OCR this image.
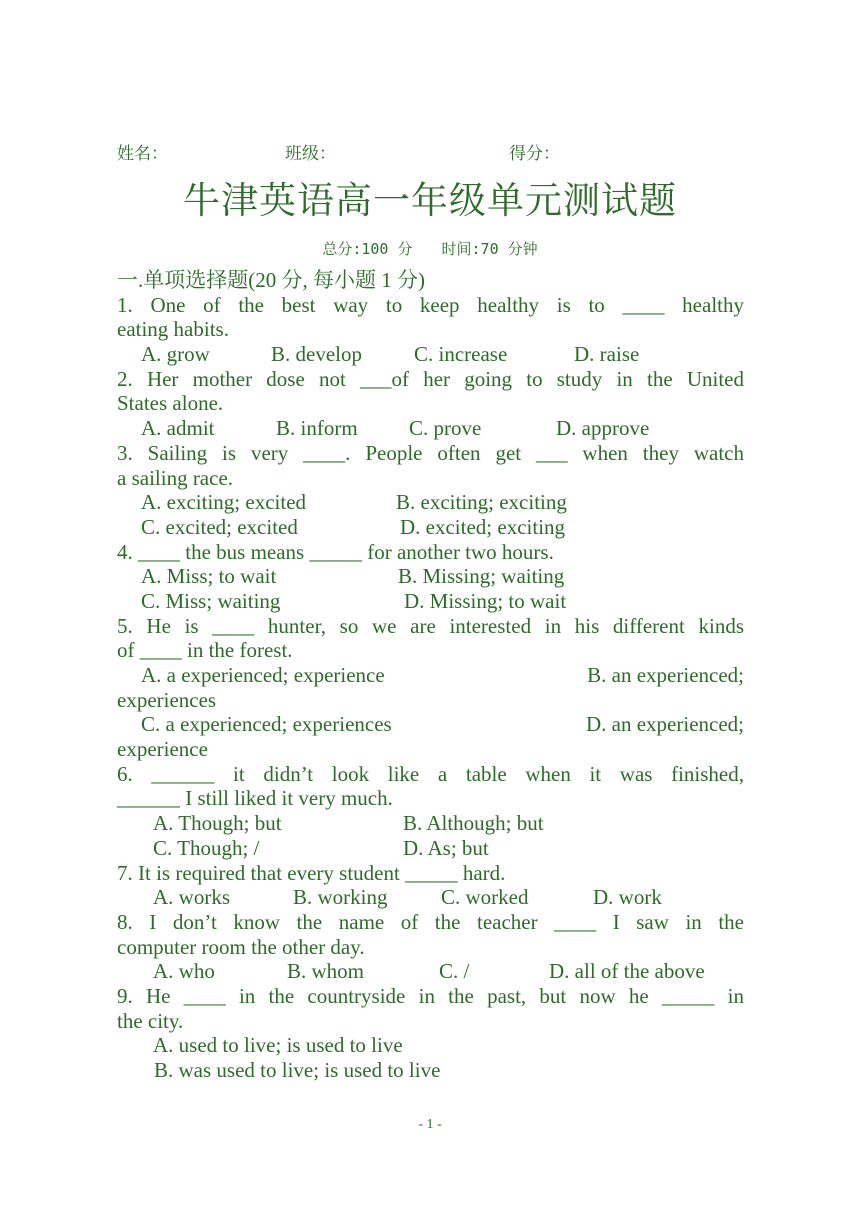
姓名：	班级：	得分：
牛津英语高一年级单元测试题
总分:100 分 时间:70 分钟
一.单项选择题(20 分, 每小题 1 分)
1. One of the best way to keep healthy is to ____ healthy
eating habits.
A. grow	B. develop C. increase	D. raise
2. Her mother dose not ___of her going to study in the United
States alone.
A. admit	B. inform C. prove	D. approve
3. Sailing is very ____. People often get ___ when they watch
a sailing race.
A. exciting; excited	B. exciting; exciting
C. excited; excited	D. excited; exciting
4. ____ the bus means _____ for another two hours.
A. Miss; to wait	B. Missing; waiting
C. Miss; waiting	D. Missing; to wait
5. He is ____ hunter, so we are interested in his different kinds
of ____ in the forest.
A. a experienced; experience	B. an experienced;
experiences
C. a experienced; experiences	D. an experienced;
experience
6. ______ it didn’t look like a table when it was finished,
______ I still liked it very much.
A. Though; but	B. Although; but
C. Though; /	D. As; but
7. It is required that every student _____ hard.
A. works	B. working	C. worked	D. work
8. I don’t know the name of the teacher ____ I saw in the
computer room the other day.
A. who	B. whom	C. /	D. all of the above
9. He ____ in the countryside in the past, but now he _____ in
the city.
A. used to live; is used to live
B. was used to live; is used to live
- 1 -
